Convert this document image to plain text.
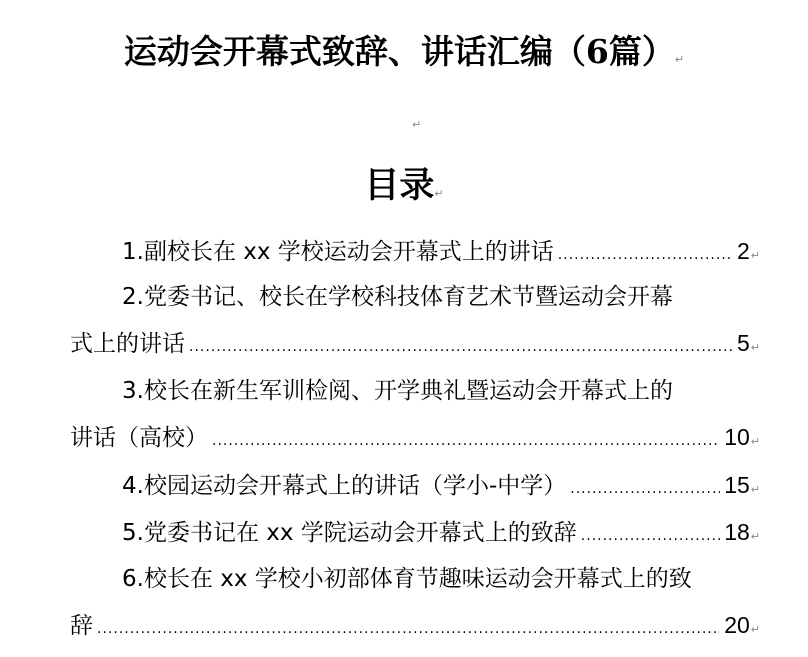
运动会开幕式致辞、讲话汇编（6篇）↵
↵
目录↵
1.副校长在 xx 学校运动会开幕式上的讲话 .....	2 ↵
2.党委书记、校长在学校科技体育艺术节暨运动会开幕
式上的讲话 .....	5 ↵
3.校长在新生军训检阅、开学典礼暨运动会开幕式上的
讲话（高校） .....	10 ↵
4.校园运动会开幕式上的讲话（学小-中学） .....	15 ↵
5.党委书记在 xx 学院运动会开幕式上的致辞 .....	18 ↵
6.校长在 xx 学校小初部体育节趣味运动会开幕式上的致
辞 .....	20 ↵
